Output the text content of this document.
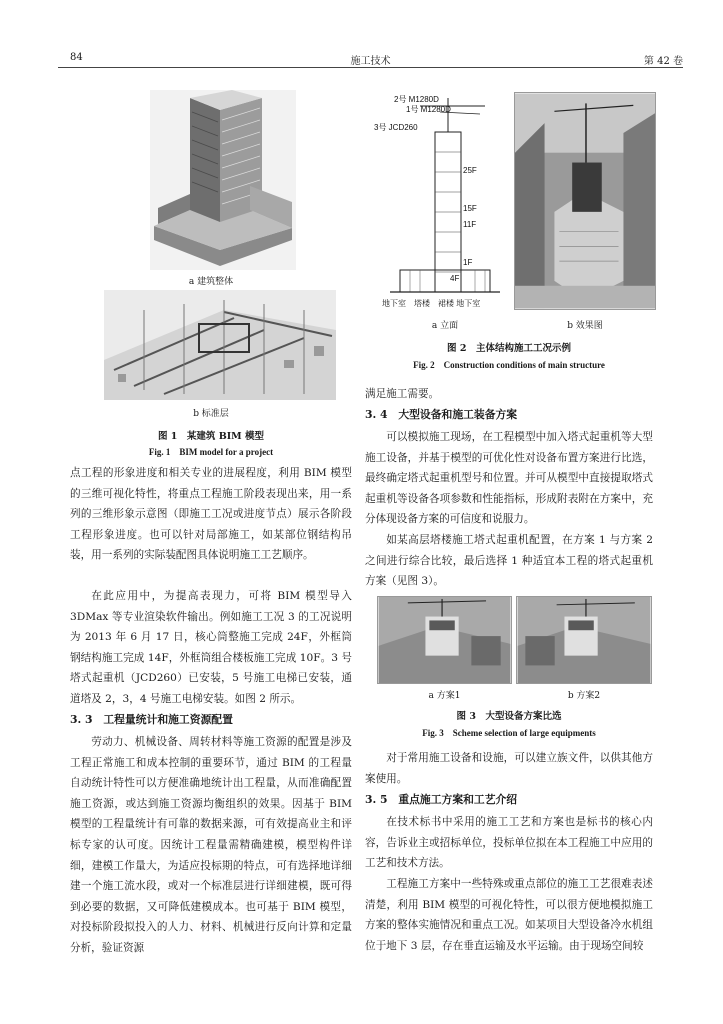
84	施工技术	第 42 卷
a 建筑整体
b 标准层
图 1　某建筑 BIM 模型
Fig. 1　BIM model for a project
点工程的形象进度和相关专业的进展程度，利用 BIM 模型的三维可视化特性，将重点工程施工阶段表现出来，用一系列的三维形象示意图（即施工工况或进度节点）展示各阶段工程形象进度。也可以针对局部施工，如某部位钢结构吊装，用一系列的实际装配图具体说明施工工艺顺序。
在此应用中，为提高表现力，可将 BIM 模型导入 3DMax 等专业渲染软件输出。例如施工工况 3 的工况说明为 2013 年 6 月 17 日，核心筒整施工完成 24F，外框筒钢结构施工完成 14F，外框筒组合楼板施工完成 10F。3 号塔式起重机（JCD260）已安装，5 号施工电梯已安装，通道塔及 2，3，4 号施工电梯安装。如图 2 所示。
3. 3　工程量统计和施工资源配置
劳动力、机械设备、周转材料等施工资源的配置是涉及工程正常施工和成本控制的重要环节，通过 BIM 的工程量自动统计特性可以方便准确地统计出工程量，从而准确配置施工资源，或达到施工资源均衡组织的效果。因基于 BIM 模型的工程量统计有可靠的数据来源，可有效提高业主和评标专家的认可度。因统计工程量需精确建模，模型构件详细，建模工作量大，为适应投标期的特点，可有选择地详细建一个施工流水段，或对一个标准层进行详细建模，既可得到必要的数据，又可降低建模成本。也可基于 BIM 模型，对投标阶段拟投入的人力、材料、机械进行反向计算和定量分析，验证资源
2号 M1280D
1号 M1280D
3号 JCD260
25F
15F
11F
1F
4F
地下室　塔楼　裙楼 地下室
a 立面	b 效果图
图 2　主体结构施工工况示例
Fig. 2　Construction conditions of main structure
满足施工需要。
3. 4　大型设备和施工装备方案
可以模拟施工现场，在工程模型中加入塔式起重机等大型施工设备，并基于模型的可优化性对设备布置方案进行比选，最终确定塔式起重机型号和位置。并可从模型中直接提取塔式起重机等设备各项参数和性能指标，形成附表附在方案中，充分体现设备方案的可信度和说服力。
如某高层塔楼施工塔式起重机配置，在方案 1 与方案 2 之间进行综合比较，最后选择 1 种适宜本工程的塔式起重机方案（见图 3）。
a 方案1	b 方案2
图 3　大型设备方案比选
Fig. 3　Scheme selection of large equipments
对于常用施工设备和设施，可以建立族文件，以供其他方案使用。
3. 5　重点施工方案和工艺介绍
在技术标书中采用的施工工艺和方案也是标书的核心内容，告诉业主或招标单位，投标单位拟在本工程施工中应用的工艺和技术方法。
工程施工方案中一些特殊或重点部位的施工工艺很难表述清楚，利用 BIM 模型的可视化特性，可以很方便地模拟施工方案的整体实施情况和重点工况。如某项目大型设备冷水机组位于地下 3 层，存在垂直运输及水平运输。由于现场空间较
